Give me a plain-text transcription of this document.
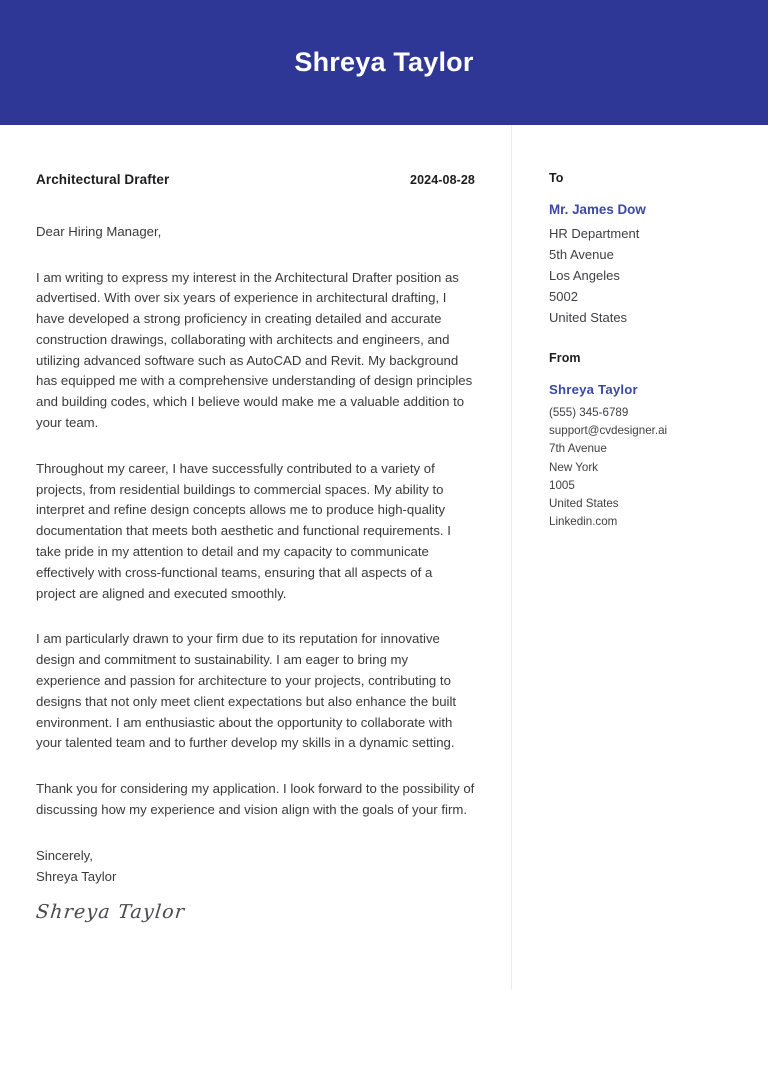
Shreya Taylor
Architectural Drafter	2024-08-28

Dear Hiring Manager,

I am writing to express my interest in the Architectural Drafter position as advertised. With over six years of experience in architectural drafting, I have developed a strong proficiency in creating detailed and accurate construction drawings, collaborating with architects and engineers, and utilizing advanced software such as AutoCAD and Revit. My background has equipped me with a comprehensive understanding of design principles and building codes, which I believe would make me a valuable addition to your team.

Throughout my career, I have successfully contributed to a variety of projects, from residential buildings to commercial spaces. My ability to interpret and refine design concepts allows me to produce high-quality documentation that meets both aesthetic and functional requirements. I take pride in my attention to detail and my capacity to communicate effectively with cross-functional teams, ensuring that all aspects of a project are aligned and executed smoothly.

I am particularly drawn to your firm due to its reputation for innovative design and commitment to sustainability. I am eager to bring my experience and passion for architecture to your projects, contributing to designs that not only meet client expectations but also enhance the built environment. I am enthusiastic about the opportunity to collaborate with your talented team and to further develop my skills in a dynamic setting.

Thank you for considering my application. I look forward to the possibility of discussing how my experience and vision align with the goals of your firm.

Sincerely,
Shreya Taylor
Shreya Taylor
To
Mr. James Dow
HR Department
5th Avenue
Los Angeles
5002
United States
From
Shreya Taylor
(555) 345-6789
support@cvdesigner.ai
7th Avenue
New York
1005
United States
Linkedin.com
